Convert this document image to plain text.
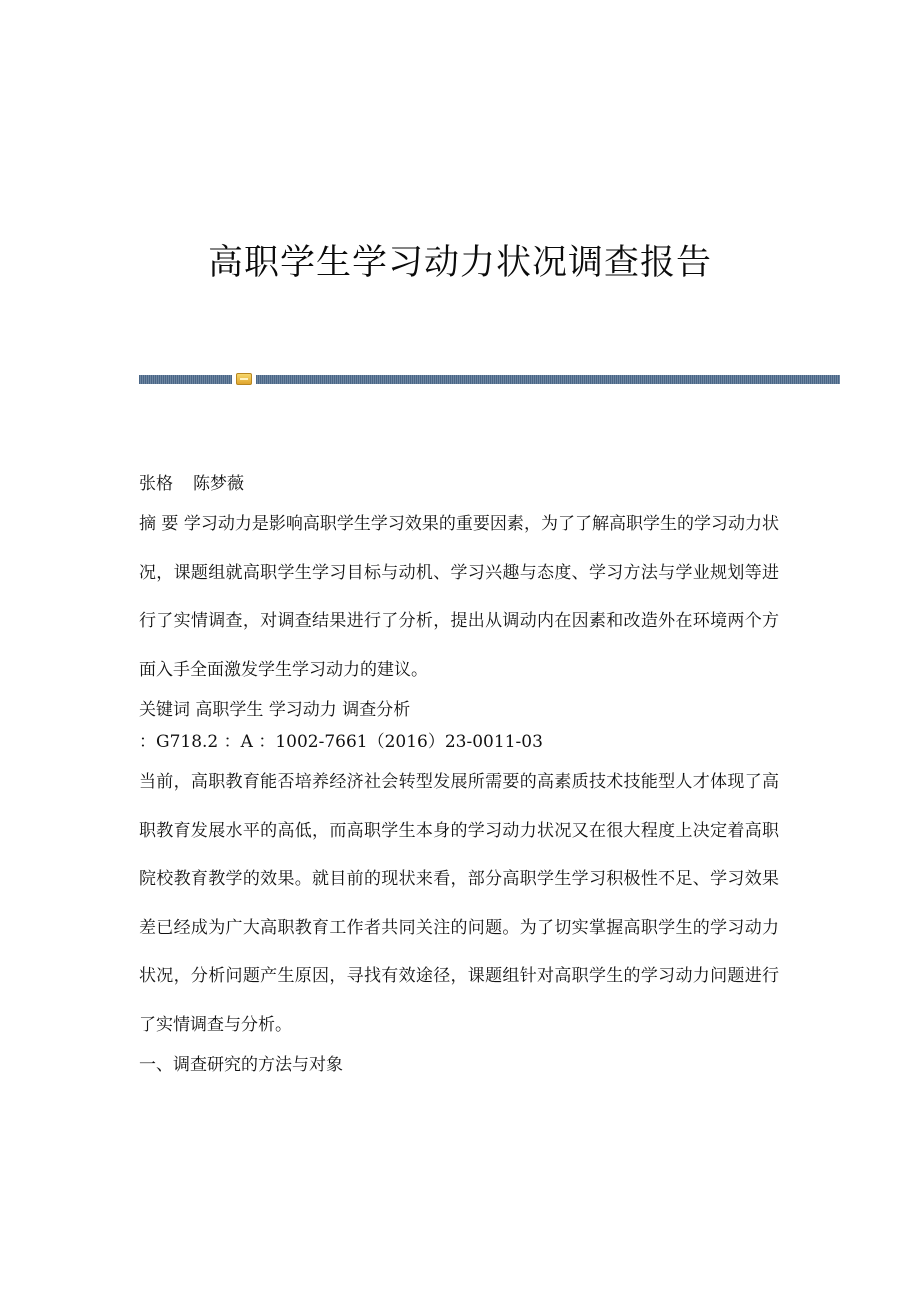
高职学生学习动力状况调查报告

张格 陈梦薇

摘 要 学习动力是影响高职学生学习效果的重要因素，为了了解高职学生的学习动力状况，课题组就高职学生学习目标与动机、学习兴趣与态度、学习方法与学业规划等进行了实情调查，对调查结果进行了分析，提出从调动内在因素和改造外在环境两个方面入手全面激发学生学习动力的建议。

关键词 高职学生 学习动力 调查分析

：G718.2 ：A ：1002-7661（2016）23-0011-03

当前，高职教育能否培养经济社会转型发展所需要的高素质技术技能型人才体现了高职教育发展水平的高低，而高职学生本身的学习动力状况又在很大程度上决定着高职院校教育教学的效果。就目前的现状来看，部分高职学生学习积极性不足、学习效果差已经成为广大高职教育工作者共同关注的问题。为了切实掌握高职学生的学习动力状况，分析问题产生原因，寻找有效途径，课题组针对高职学生的学习动力问题进行了实情调查与分析。

一、调查研究的方法与对象
